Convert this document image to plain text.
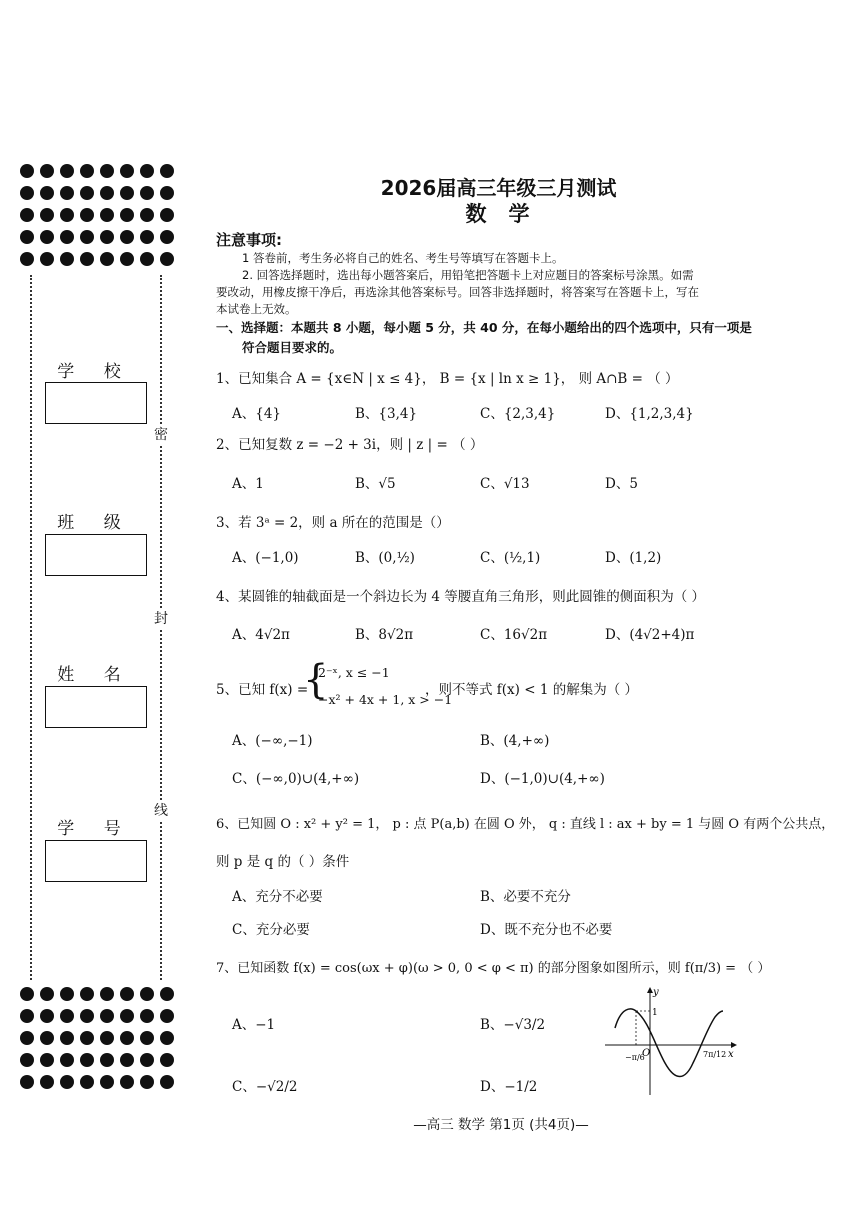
学 校
班 级
姓 名
学 号
密
封
线
2026届高三年级三月测试
数学
注意事项:
1 答卷前，考生务必将自己的姓名、考生号等填写在答题卡上。
2. 回答选择题时，选出每小题答案后，用铅笔把答题卡上对应题目的答案标号涂黑。如需
要改动，用橡皮擦干净后，再选涂其他答案标号。回答非选择题时，将答案写在答题卡上，写在
本试卷上无效。
一、选择题：本题共 8 小题，每小题 5 分，共 40 分，在每小题给出的四个选项中，只有一项是
符合题目要求的。
1、已知集合 A = {x∈N | x ≤ 4}， B = {x | ln x ≥ 1}， 则 A∩B = （ ）
A、{4}	B、{3,4}	C、{2,3,4}	D、{1,2,3,4}
2、已知复数 z = −2 + 3i，则 | z | = （ ）
A、1	B、√5	C、√13	D、5
3、若 3ᵃ = 2，则 a 所在的范围是（）
A、(−1,0)	B、(0,½)	C、(½,1)	D、(1,2)
4、某圆锥的轴截面是一个斜边长为 4 等腰直角三角形，则此圆锥的侧面积为（ ）
A、4√2π	B、8√2π	C、16√2π	D、(4√2+4)π
5、已知 f(x) =
{
2⁻ˣ, x ≤ −1
−x² + 4x + 1, x > −1
，则不等式 f(x) < 1 的解集为（ ）
A、(−∞,−1)	B、(4,+∞)
C、(−∞,0)∪(4,+∞)	D、(−1,0)∪(4,+∞)
6、已知圆 O : x² + y² = 1， p : 点 P(a,b) 在圆 O 外， q : 直线 l : ax + by = 1 与圆 O 有两个公共点，
则 p 是 q 的（ ）条件
A、充分不必要	B、必要不充分
C、充分必要	D、既不充分也不必要
7、已知函数 f(x) = cos(ωx + φ)(ω > 0, 0 < φ < π) 的部分图象如图所示，则 f(π/3) = （ ）
A、−1	B、−√3/2
C、−√2/2	D、−1/2
y
x
O
1
−π/6	7π/12
—高三 数学 第1页 (共4页)—
